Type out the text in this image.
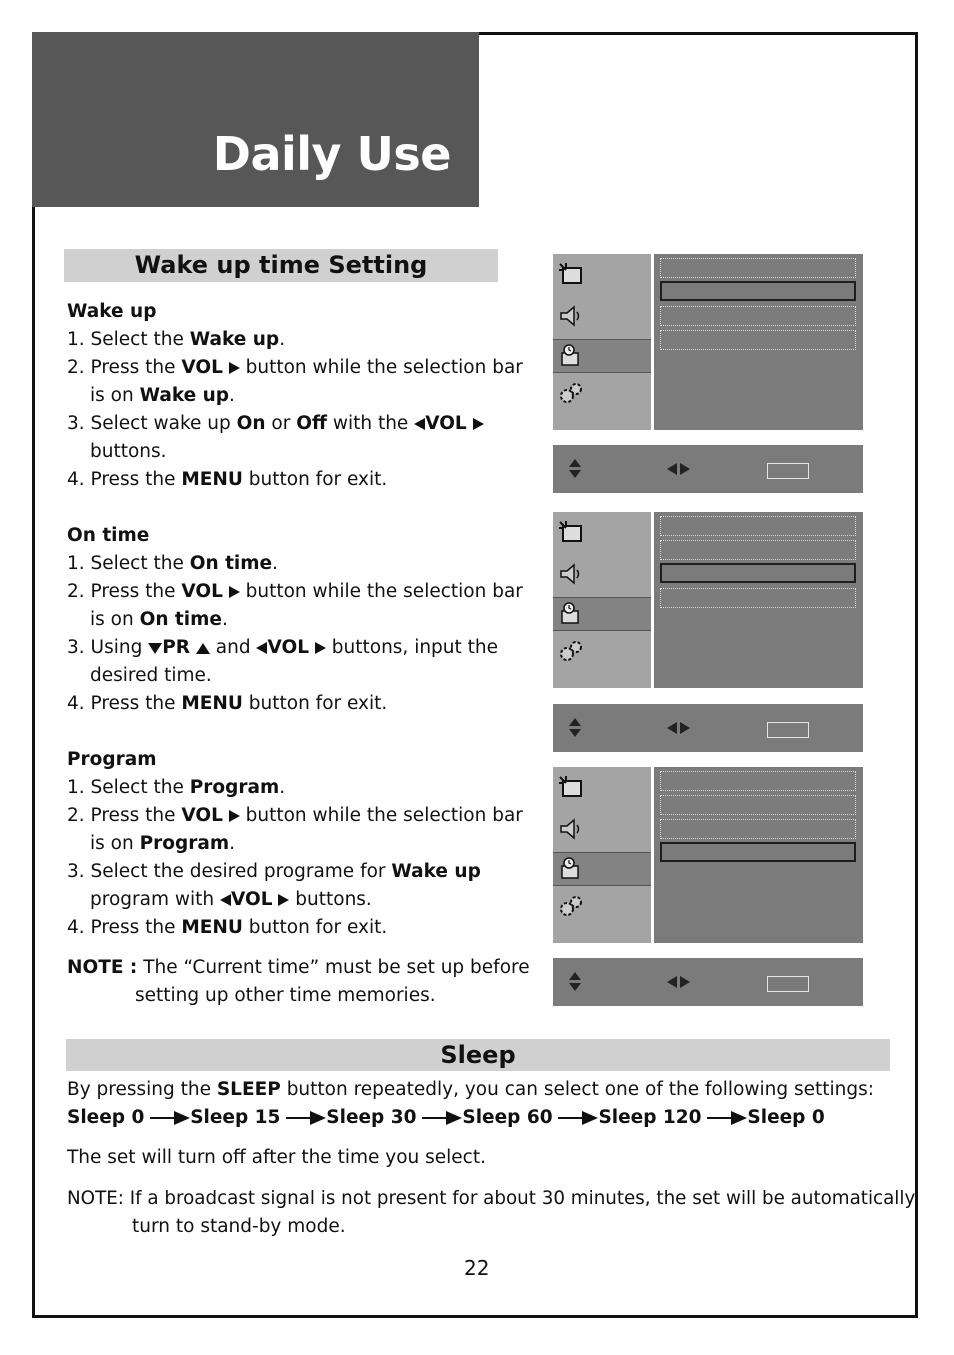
Daily Use
Wake up time Setting
Wake up
1. Select the Wake up.
2. Press the VOL  button while the selection bar
is on Wake up.
3. Select wake up On or Off with the VOL
buttons.
4. Press the MENU button for exit.
On time
1. Select the On time.
2. Press the VOL  button while the selection bar
is on On time.
3. Using PR  and VOL  buttons, input the
desired time.
4. Press the MENU button for exit.
Program
1. Select the Program.
2. Press the VOL  button while the selection bar
is on Program.
3. Select the desired programe for Wake up
program with VOL  buttons.
4. Press the MENU button for exit.
NOTE : The “Current time” must be set up before
setting up other time memories.
Sleep
By pressing the SLEEP button repeatedly, you can select one of the following settings:
Sleep 0 Sleep 15 Sleep 30 Sleep 60 Sleep 120 Sleep 0
The set will turn off after the time you select.
NOTE: If a broadcast signal is not present for about 30 minutes, the set will be automatically
turn to stand-by mode.
22
